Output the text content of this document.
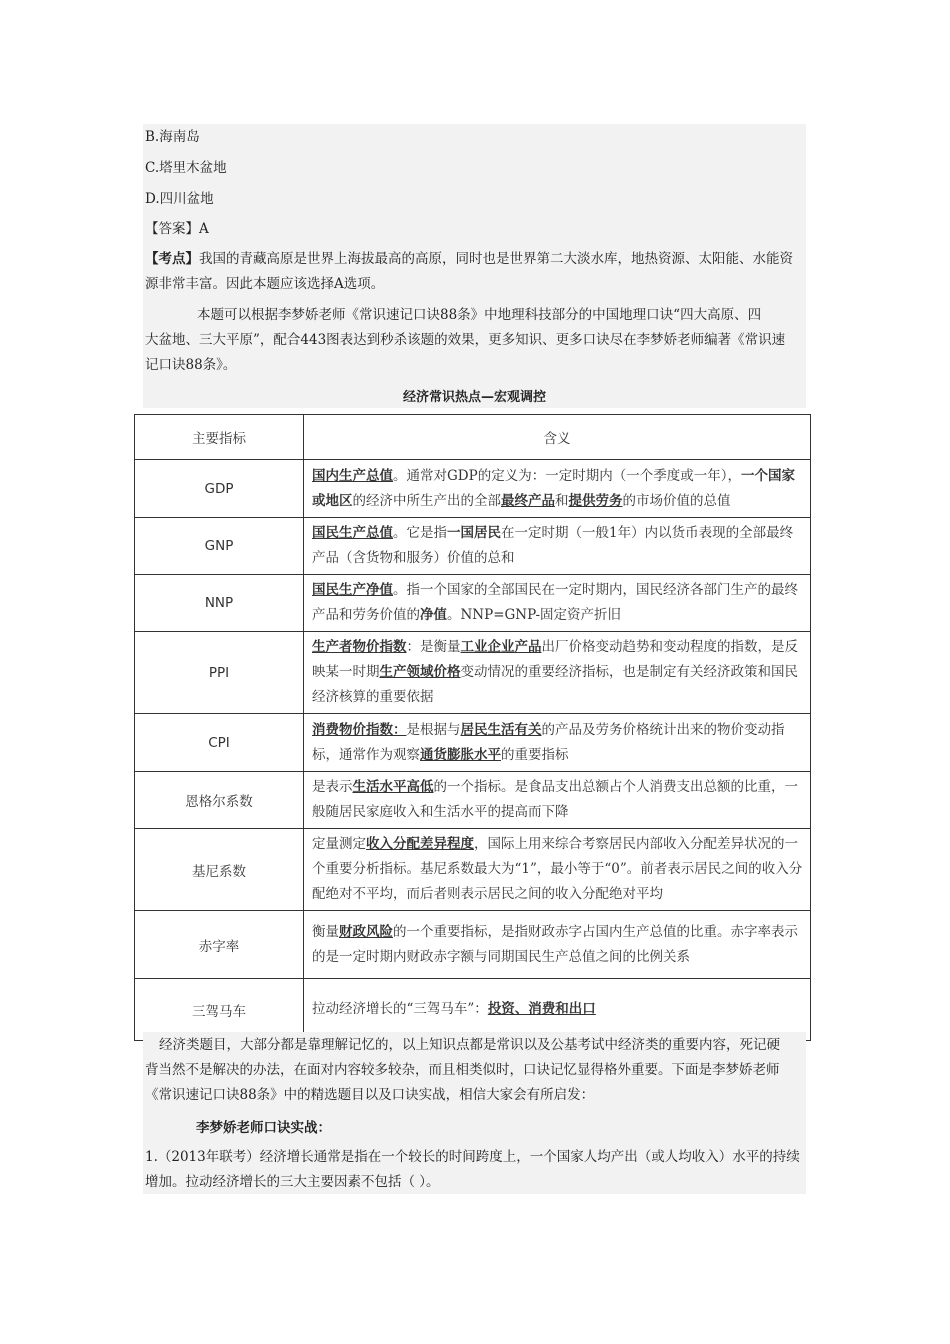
B.海南岛
C.塔里木盆地
D.四川盆地
【答案】A
【考点】我国的青藏高原是世界上海拔最高的高原，同时也是世界第二大淡水库，地热资源、太阳能、水能资
源非常丰富。因此本题应该选择A选项。
本题可以根据李梦娇老师《常识速记口诀88条》中地理科技部分的中国地理口诀“四大高原、四
大盆地、三大平原”，配合443图表达到秒杀该题的效果，更多知识、更多口诀尽在李梦娇老师编著《常识速
记口诀88条》。
经济常识热点—宏观调控
主要指标	含义
GDP	国内生产总值。通常对GDP的定义为：一定时期内（一个季度或一年），一个国家或地区的经济中所生产出的全部最终产品和提供劳务的市场价值的总值
GNP	国民生产总值。它是指一国居民在一定时期（一般1年）内以货币表现的全部最终产品（含货物和服务）价值的总和
NNP	国民生产净值。指一个国家的全部国民在一定时期内，国民经济各部门生产的最终产品和劳务价值的净值。NNP=GNP-固定资产折旧
PPI	生产者物价指数：是衡量工业企业产品出厂价格变动趋势和变动程度的指数，是反映某一时期生产领域价格变动情况的重要经济指标，也是制定有关经济政策和国民经济核算的重要依据
CPI	消费物价指数：是根据与居民生活有关的产品及劳务价格统计出来的物价变动指标，通常作为观察通货膨胀水平的重要指标
恩格尔系数	是表示生活水平高低的一个指标。是食品支出总额占个人消费支出总额的比重，一般随居民家庭收入和生活水平的提高而下降
基尼系数	定量测定收入分配差异程度，国际上用来综合考察居民内部收入分配差异状况的一个重要分析指标。基尼系数最大为“1”，最小等于“0”。前者表示居民之间的收入分配绝对不平均，而后者则表示居民之间的收入分配绝对平均
赤字率	衡量财政风险的一个重要指标，是指财政赤字占国内生产总值的比重。赤字率表示的是一定时期内财政赤字额与同期国民生产总值之间的比例关系
三驾马车	拉动经济增长的“三驾马车”：投资、消费和出口
经济类题目，大部分都是靠理解记忆的，以上知识点都是常识以及公基考试中经济类的重要内容，死记硬
背当然不是解决的办法，在面对内容较多较杂，而且相类似时，口诀记忆显得格外重要。下面是李梦娇老师
《常识速记口诀88条》中的精选题目以及口诀实战，相信大家会有所启发：
李梦娇老师口诀实战：
1.（2013年联考）经济增长通常是指在一个较长的时间跨度上，一个国家人均产出（或人均收入）水平的持续
增加。拉动经济增长的三大主要因素不包括（ ）。
